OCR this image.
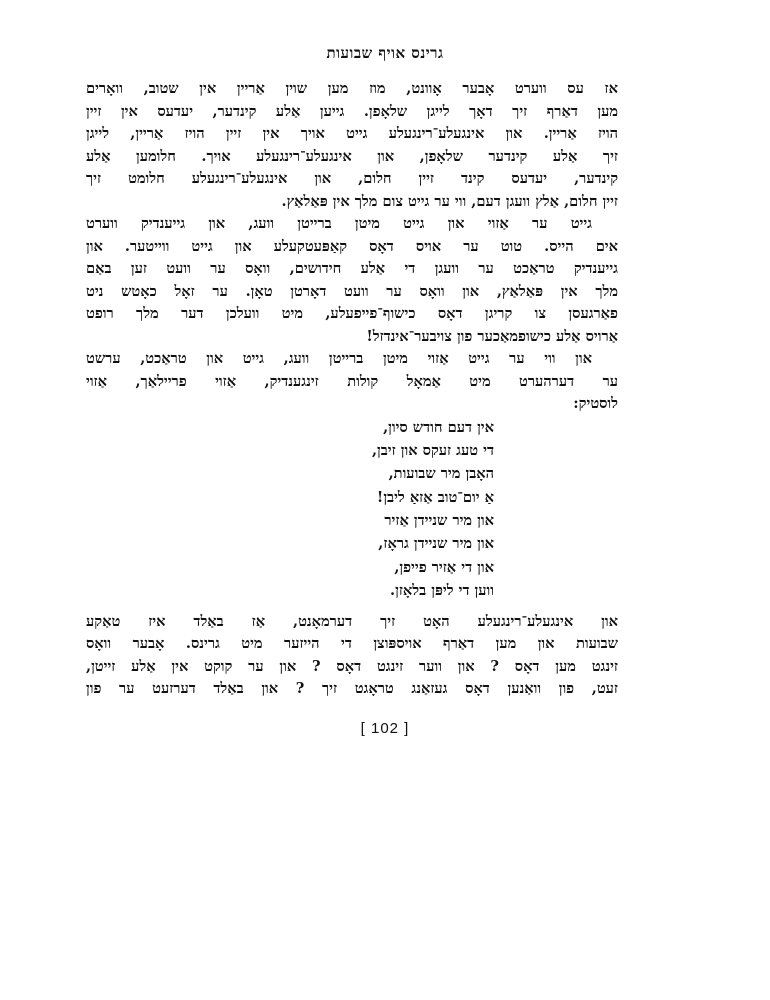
גרינס אויף שבועות
אז עס ווערט אָבער אָוונט, מוז מען שוין אַריין אין שטוב, וואָרים
מען דאַרף זיך דאָך לייגן שלאָפן. גייען אַלע קינדער, יעדעס אין זיין
הויז אַריין. און אינגעלע־רינגעלע גייט אויך אין זיין הויז אַריין, לייגן
זיך אַלע קינדער שלאָפן, און אינגעלע־רינגעלע אויך. חלומען אַלע
קינדער, יעדעס קינד זיין חלום, און אינגעלע־רינגעלע חלומט זיך
זיין חלום, אַלץ וועגן דעם, ווי ער גייט צום מלך אין פּאַלאַץ.
גייט ער אַזוי און גייט מיטן ברייטן וועג, און גייענדיק ווערט
אים הייס. טוט ער אויס דאָס קאַפּעטקעלע און גייט ווייטער. און
גייענדיק טראַכט ער וועגן די אַלע חידושים, וואָס ער וועט זען באַם
מלך אין פּאַלאַץ, און וואָס ער וועט דאָרטן טאָן. ער זאָל כאָטש ניט
פאַרגעסן צו קריגן דאָס כישוף־פייפעלע, מיט וועלכן דער מלך רופט
אַרויס אַלע כישופמאַכער פון צויבער־אינדזל!
און ווי ער גייט אַזוי מיטן ברייטן וועג, גייט און טראַכט, ערשט
ער דערהערט מיט אַמאָל קולות זינגענדיק, אַזוי פריילאַך, אַזוי
לוסטיק:
אין דעם חודש סיון,
די טעג זעקס און זיבן,
האָבן מיר שבועות,
אַ יום־טוב אַזאַ ליבן!
און מיר שניידן אַזיר
און מיר שניידן גראָז,
און די אַזיר פייפן,
ווען די ליפּן בלאָזן.
און אינגעלע־רינגעלע האָט זיך דערמאָנט, אַז באַלד איז טאַקע
שבועות און מען דאַרף אויספּוצן די הייזער מיט גרינס. אָבער וואָס
זינגט מען דאָס ? און ווער זינגט דאָס ? און ער קוקט אין אַלע זייטן,
זעט, פון וואַנען דאָס געזאַנג טראָגט זיך ? און באַלד דערזעט ער פון
[ 102 ]
